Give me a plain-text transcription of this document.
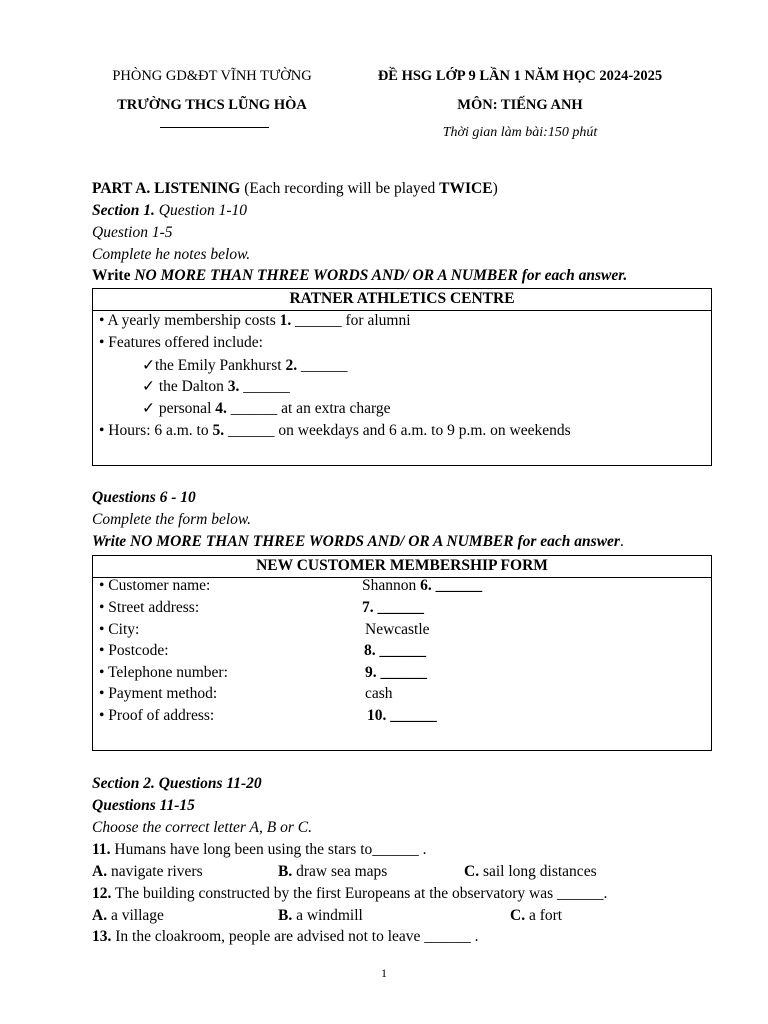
PHÒNG GD&ĐT VĨNH TƯỜNG
TRƯỜNG THCS LŨNG HÒA
ĐỀ HSG LỚP 9 LẦN 1 NĂM HỌC 2024-2025
MÔN: TIẾNG ANH
Thời gian làm bài:150 phút
PART A. LISTENING (Each recording will be played TWICE)
Section 1. Question 1-10
Question 1-5
Complete he notes below.
Write NO MORE THAN THREE WORDS AND/ OR A NUMBER for each answer.
RATNER ATHLETICS CENTRE
• A yearly membership costs 1. ______ for alumni
• Features offered include:
✓the Emily Pankhurst 2. ______
✓ the Dalton 3. ______
✓ personal 4. ______ at an extra charge
• Hours: 6 a.m. to 5. ______ on weekdays and 6 a.m. to 9 p.m. on weekends
Questions 6 - 10
Complete the form below.
Write NO MORE THAN THREE WORDS AND/ OR A NUMBER for each answer.
NEW CUSTOMER MEMBERSHIP FORM
• Customer name:	Shannon 6. ______
• Street address:	7. ______
• City:	Newcastle
• Postcode:	8. ______
• Telephone number:	9. ______
• Payment method:	cash
• Proof of address:	10. ______
Section 2. Questions 11-20
Questions 11-15
Choose the correct letter A, B or C.
11. Humans have long been using the stars to______ .
A. navigate rivers	B. draw sea maps	C. sail long distances
12. The building constructed by the first Europeans at the observatory was ______.
A. a village	B. a windmill	C. a fort
13. In the cloakroom, people are advised not to leave ______ .
1
